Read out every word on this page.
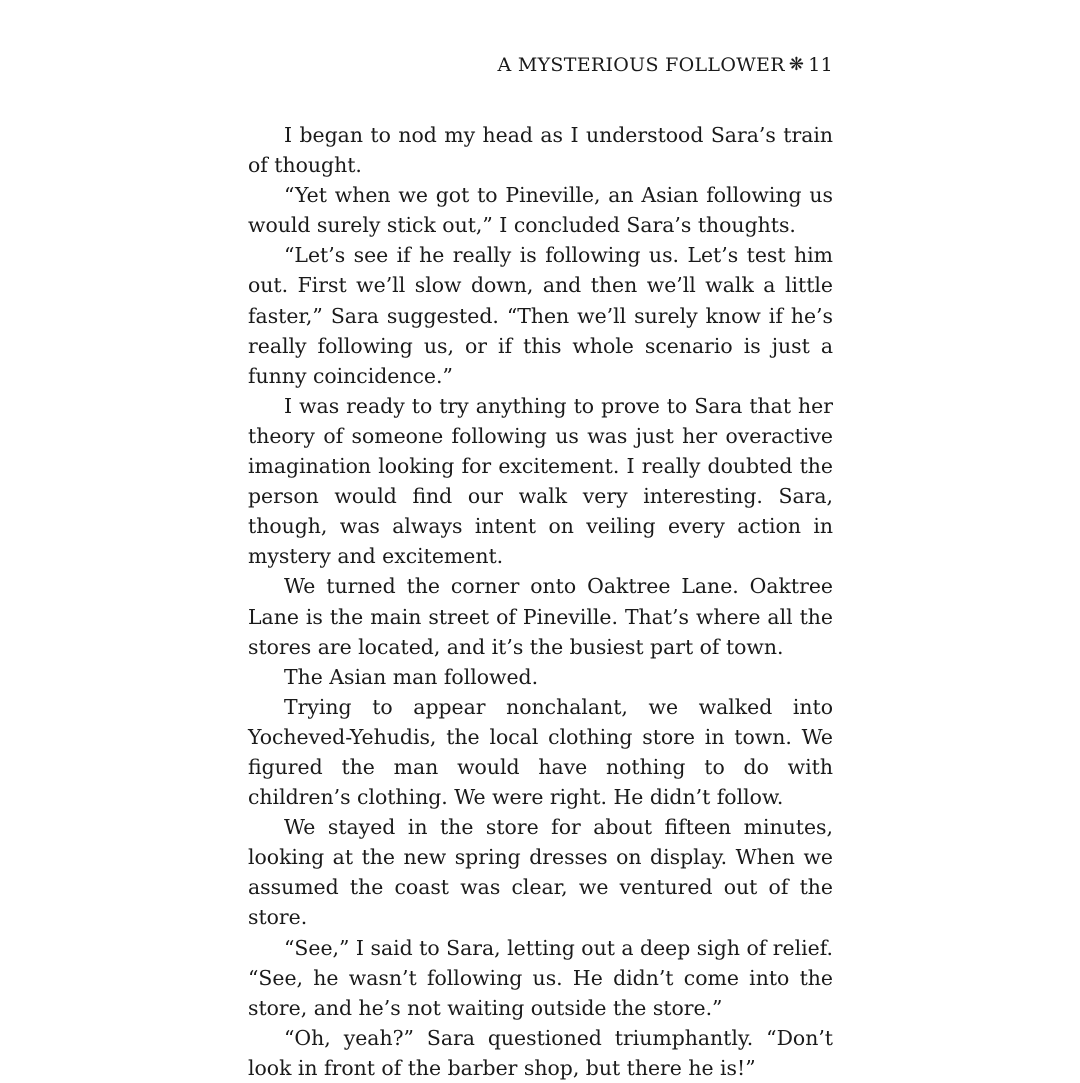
A MYSTERIOUS FOLLOWER ❋ 11

I began to nod my head as I understood Sara’s train of thought.

“Yet when we got to Pineville, an Asian following us would surely stick out,” I concluded Sara’s thoughts.

“Let’s see if he really is following us. Let’s test him out. First we’ll slow down, and then we’ll walk a little faster,” Sara suggested. “Then we’ll surely know if he’s really following us, or if this whole scenario is just a funny coincidence.”

I was ready to try anything to prove to Sara that her theory of someone following us was just her overactive imagination looking for excitement. I really doubted the person would find our walk very interesting. Sara, though, was always intent on veiling every action in mystery and excitement.

We turned the corner onto Oaktree Lane. Oaktree Lane is the main street of Pineville. That’s where all the stores are located, and it’s the busiest part of town.

The Asian man followed.

Trying to appear nonchalant, we walked into Yocheved-Yehudis, the local clothing store in town. We figured the man would have nothing to do with children’s clothing. We were right. He didn’t follow.

We stayed in the store for about fifteen minutes, looking at the new spring dresses on display. When we assumed the coast was clear, we ventured out of the store.

“See,” I said to Sara, letting out a deep sigh of relief. “See, he wasn’t following us. He didn’t come into the store, and he’s not waiting outside the store.”

“Oh, yeah?” Sara questioned triumphantly. “Don’t look in front of the barber shop, but there he is!”
